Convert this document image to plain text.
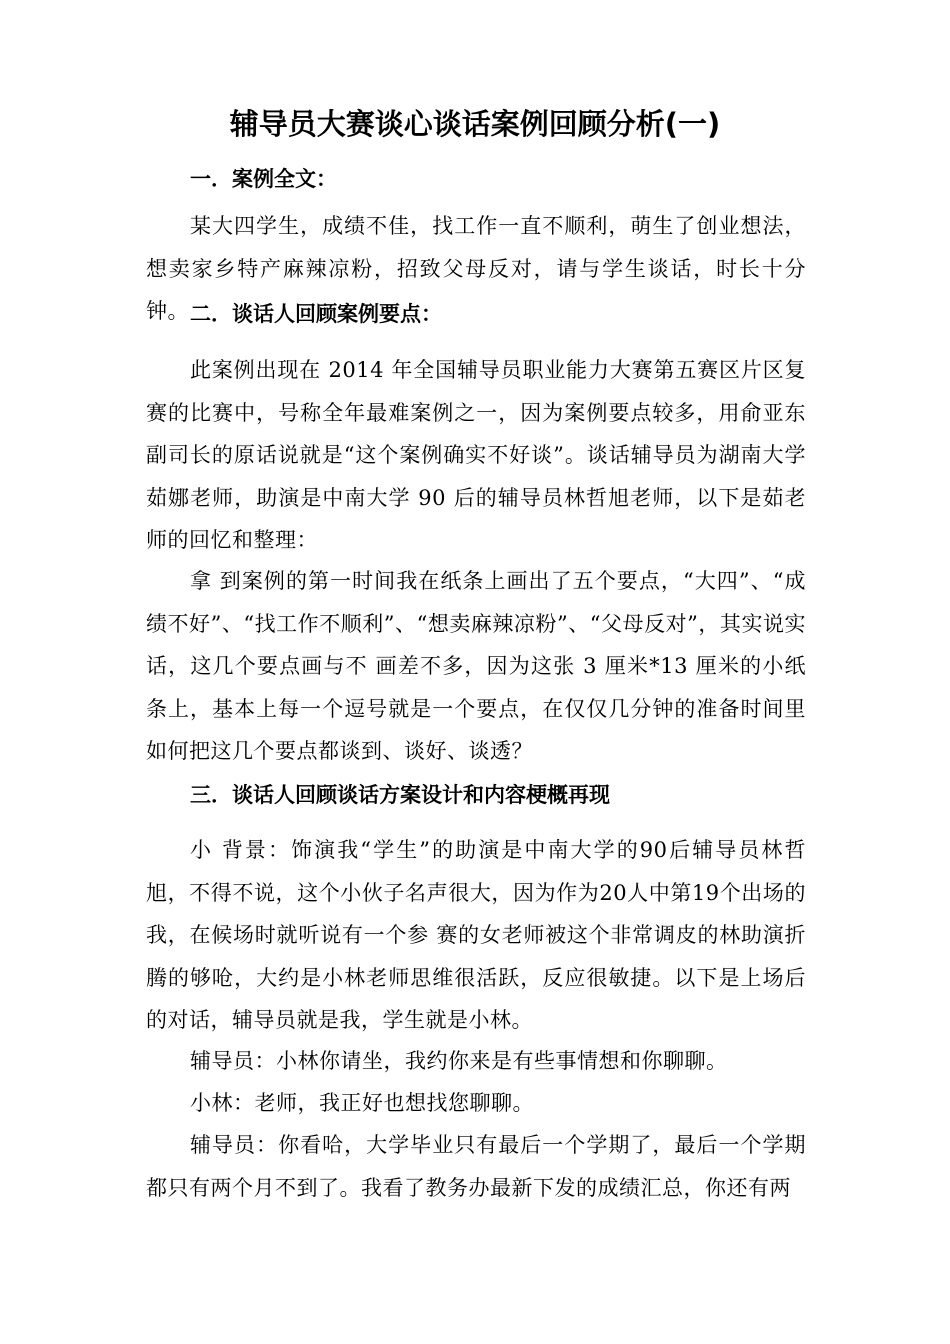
辅导员大赛谈心谈话案例回顾分析(一)
一．案例全文：

某大四学生，成绩不佳，找工作一直不顺利，萌生了创业想法，想卖家乡特产麻辣凉粉，招致父母反对，请与学生谈话，时长十分钟。 二．谈话人回顾案例要点：

此案例出现在 2014 年全国辅导员职业能力大赛第五赛区片区复赛的比赛中，号称全年最难案例之一，因为案例要点较多，用俞亚东副司长的原话说就是“这个案例确实不好谈”。谈话辅导员为湖南大学茹娜老师，助演是中南大学 90 后的辅导员林哲旭老师，以下是茹老师的回忆和整理：

拿 到案例的第一时间我在纸条上画出了五个要点，“大四”、“成绩不好”、“找工作不顺利”、“想卖麻辣凉粉”、“父母反对”，其实说实话，这几个要点画与不 画差不多，因为这张 3 厘米*13 厘米的小纸条上，基本上每一个逗号就是一个要点，在仅仅几分钟的准备时间里如何把这几个要点都谈到、谈好、谈透？

三．谈话人回顾谈话方案设计和内容梗概再现

小 背景：饰演我“学生”的助演是中南大学的90后辅导员林哲旭，不得不说，这个小伙子名声很大，因为作为20人中第19个出场的我，在候场时就听说有一个参 赛的女老师被这个非常调皮的林助演折腾的够呛，大约是小林老师思维很活跃，反应很敏捷。以下是上场后的对话，辅导员就是我，学生就是小林。

辅导员：小林你请坐，我约你来是有些事情想和你聊聊。

小林：老师，我正好也想找您聊聊。

辅导员：你看哈，大学毕业只有最后一个学期了，最后一个学期都只有两个月不到了。我看了教务办最新下发的成绩汇总，你还有两
